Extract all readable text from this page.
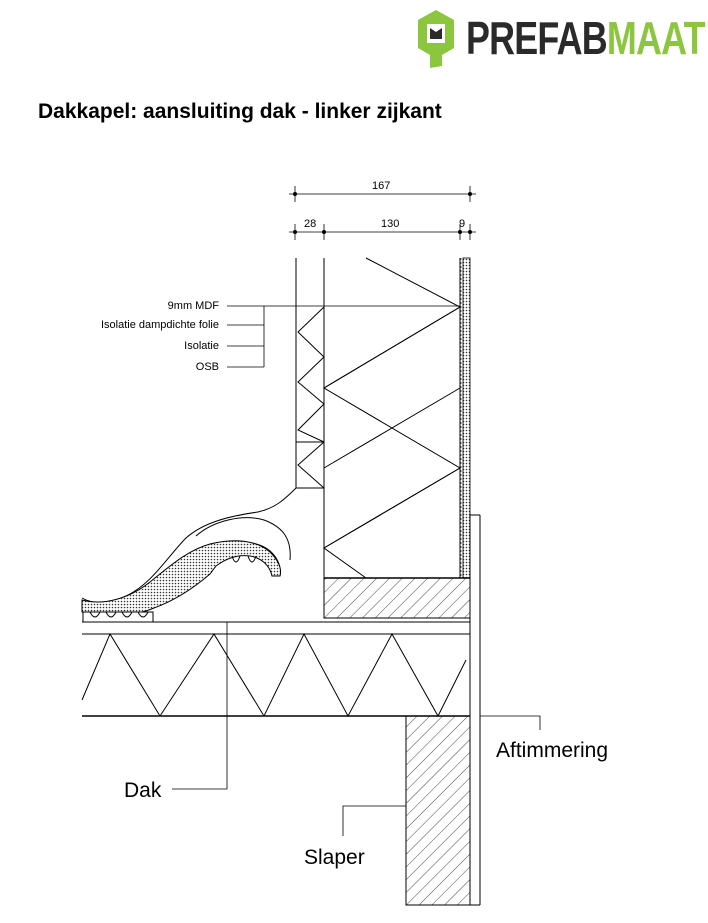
PREFABMAAT
Dakkapel: aansluiting dak - linker zijkant
167
28	130	9
9mm MDF
Isolatie dampdichte folie
Isolatie
OSB
Aftimmering
Dak
Slaper
